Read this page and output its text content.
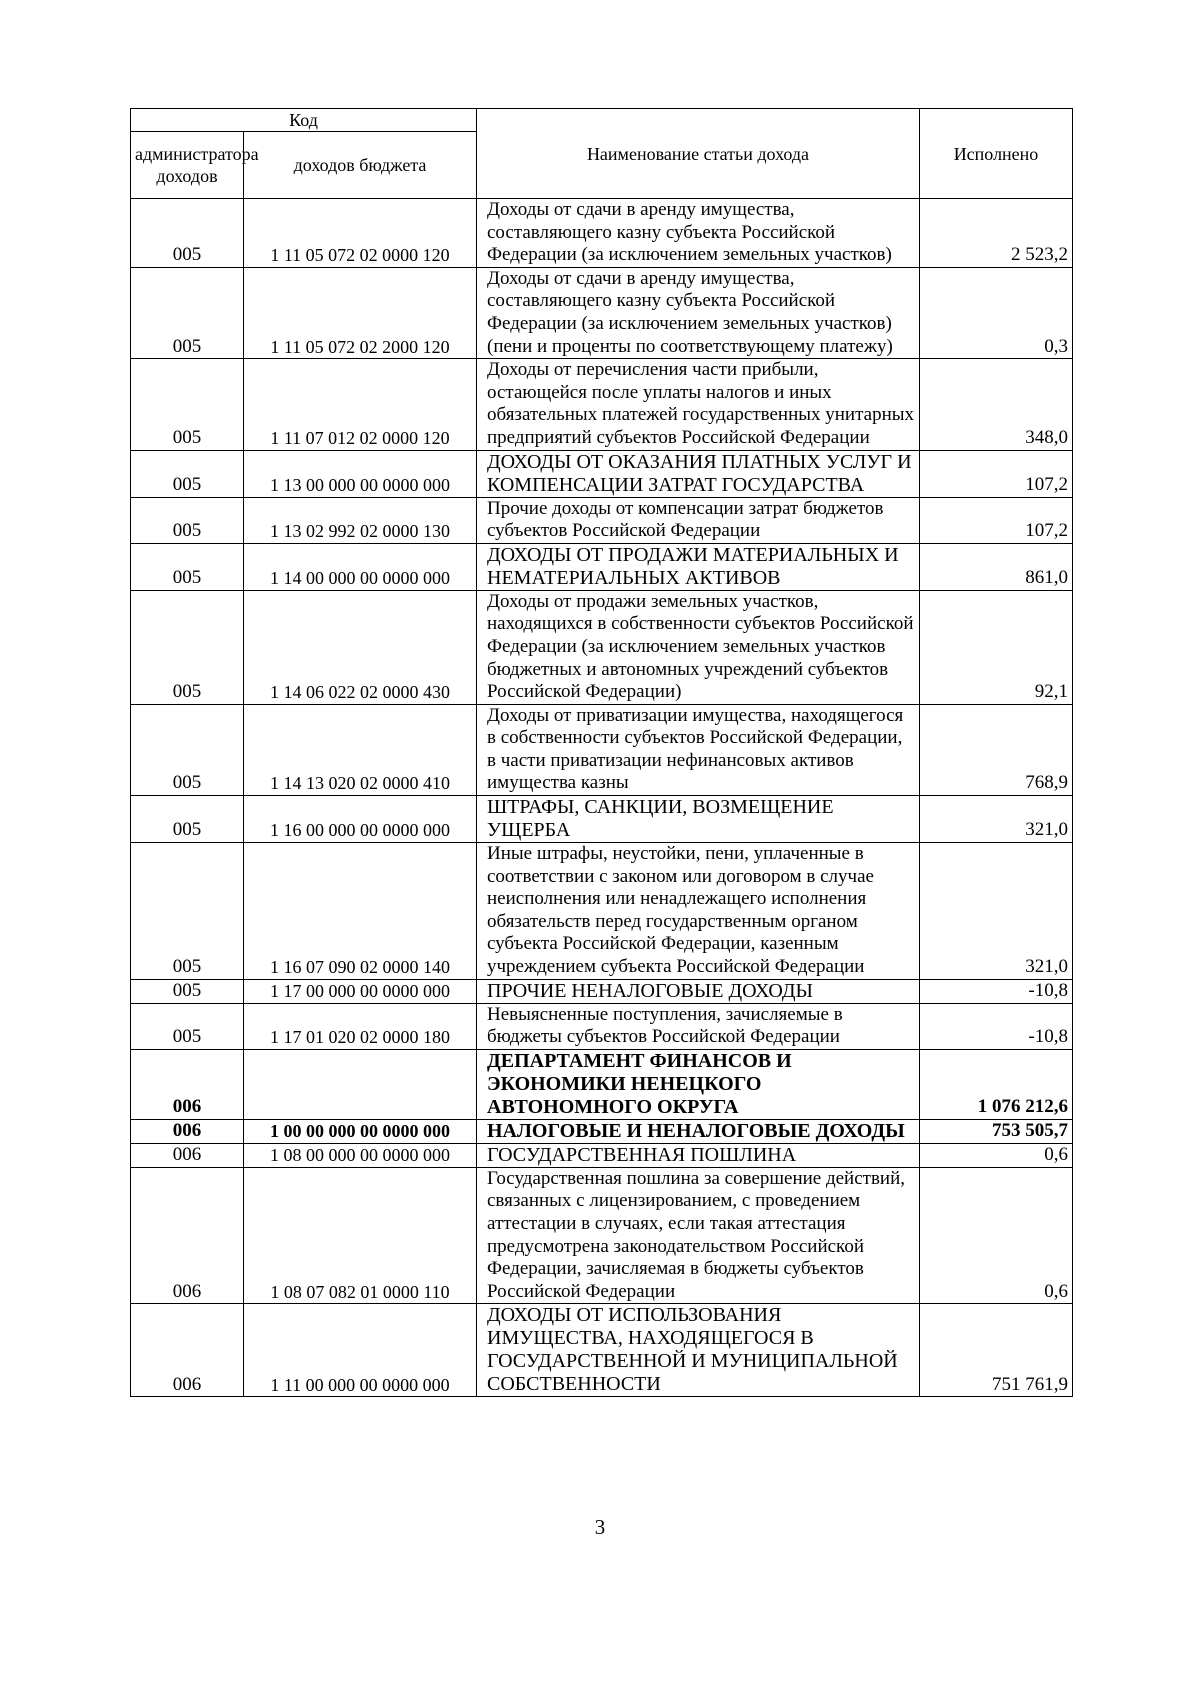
Код		Наименование статьи дохода	Исполнено
администратора доходов	доходов бюджета		
005	1 11 05 072 02 0000 120	Доходы от сдачи в аренду имущества, составляющего казну субъекта Российской Федерации (за исключением земельных участков)	2 523,2
005	1 11 05 072 02 2000 120	Доходы от сдачи в аренду имущества, составляющего казну субъекта Российской Федерации (за исключением земельных участков) (пени и проценты по соответствующему платежу)	0,3
005	1 11 07 012 02 0000 120	Доходы от перечисления части прибыли, остающейся после уплаты налогов и иных обязательных платежей государственных унитарных предприятий субъектов Российской Федерации	348,0
005	1 13 00 000 00 0000 000	ДОХОДЫ ОТ ОКАЗАНИЯ ПЛАТНЫХ УСЛУГ И КОМПЕНСАЦИИ ЗАТРАТ ГОСУДАРСТВА	107,2
005	1 13 02 992 02 0000 130	Прочие доходы от компенсации затрат бюджетов субъектов Российской Федерации	107,2
005	1 14 00 000 00 0000 000	ДОХОДЫ ОТ ПРОДАЖИ МАТЕРИАЛЬНЫХ И НЕМАТЕРИАЛЬНЫХ АКТИВОВ	861,0
005	1 14 06 022 02 0000 430	Доходы от продажи земельных участков, находящихся в собственности субъектов Российской Федерации (за исключением земельных участков бюджетных и автономных учреждений субъектов Российской Федерации)	92,1
005	1 14 13 020 02 0000 410	Доходы от приватизации имущества, находящегося в собственности субъектов Российской Федерации, в части приватизации нефинансовых активов имущества казны	768,9
005	1 16 00 000 00 0000 000	ШТРАФЫ, САНКЦИИ, ВОЗМЕЩЕНИЕ УЩЕРБА	321,0
005	1 16 07 090 02 0000 140	Иные штрафы, неустойки, пени, уплаченные в соответствии с законом или договором в случае неисполнения или ненадлежащего исполнения обязательств перед государственным органом субъекта Российской Федерации, казенным учреждением субъекта Российской Федерации	321,0
005	1 17 00 000 00 0000 000	ПРОЧИЕ НЕНАЛОГОВЫЕ ДОХОДЫ	-10,8
005	1 17 01 020 02 0000 180	Невыясненные поступления, зачисляемые в бюджеты субъектов Российской Федерации	-10,8
006		ДЕПАРТАМЕНТ ФИНАНСОВ И ЭКОНОМИКИ НЕНЕЦКОГО АВТОНОМНОГО ОКРУГА	1 076 212,6
006	1 00 00 000 00 0000 000	НАЛОГОВЫЕ И НЕНАЛОГОВЫЕ ДОХОДЫ	753 505,7
006	1 08 00 000 00 0000 000	ГОСУДАРСТВЕННАЯ ПОШЛИНА	0,6
006	1 08 07 082 01 0000 110	Государственная пошлина за совершение действий, связанных с лицензированием, с проведением аттестации в случаях, если такая аттестация предусмотрена законодательством Российской Федерации, зачисляемая в бюджеты субъектов Российской Федерации	0,6
006	1 11 00 000 00 0000 000	ДОХОДЫ ОТ ИСПОЛЬЗОВАНИЯ ИМУЩЕСТВА, НАХОДЯЩЕГОСЯ В ГОСУДАРСТВЕННОЙ И МУНИЦИПАЛЬНОЙ СОБСТВЕННОСТИ	751 761,9
3
